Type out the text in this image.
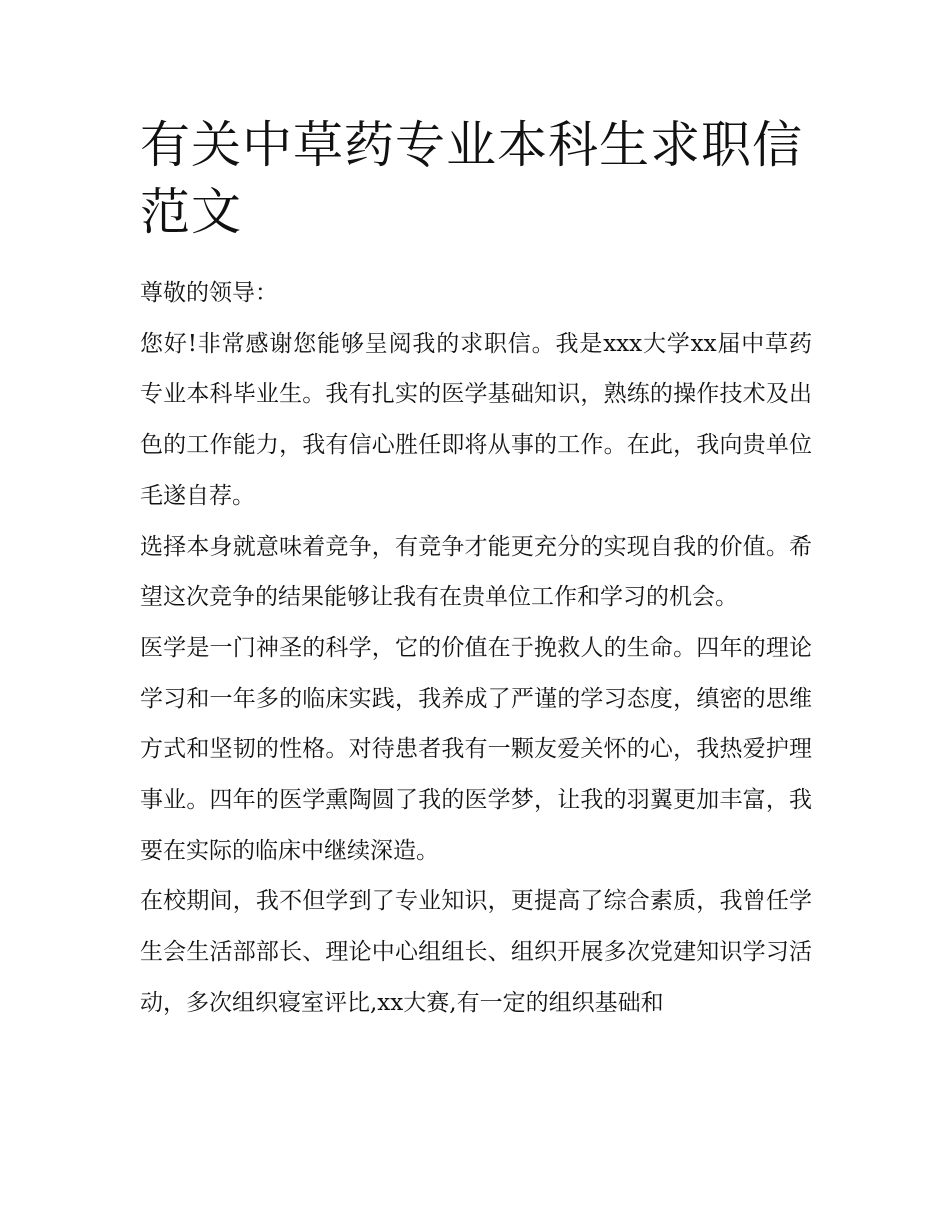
有关中草药专业本科生求职信范文

尊敬的领导：

您好!非常感谢您能够呈阅我的求职信。我是xxx大学xx届中草药专业本科毕业生。我有扎实的医学基础知识，熟练的操作技术及出色的工作能力，我有信心胜任即将从事的工作。在此，我向贵单位毛遂自荐。

选择本身就意味着竞争，有竞争才能更充分的实现自我的价值。希望这次竞争的结果能够让我有在贵单位工作和学习的机会。

医学是一门神圣的科学，它的价值在于挽救人的生命。四年的理论学习和一年多的临床实践，我养成了严谨的学习态度，缜密的思维方式和坚韧的性格。对待患者我有一颗友爱关怀的心，我热爱护理事业。四年的医学熏陶圆了我的医学梦，让我的羽翼更加丰富，我要在实际的临床中继续深造。

在校期间，我不但学到了专业知识，更提高了综合素质，我曾任学生会生活部部长、理论中心组组长、组织开展多次党建知识学习活动，多次组织寝室评比,xx大赛,有一定的组织基础和
